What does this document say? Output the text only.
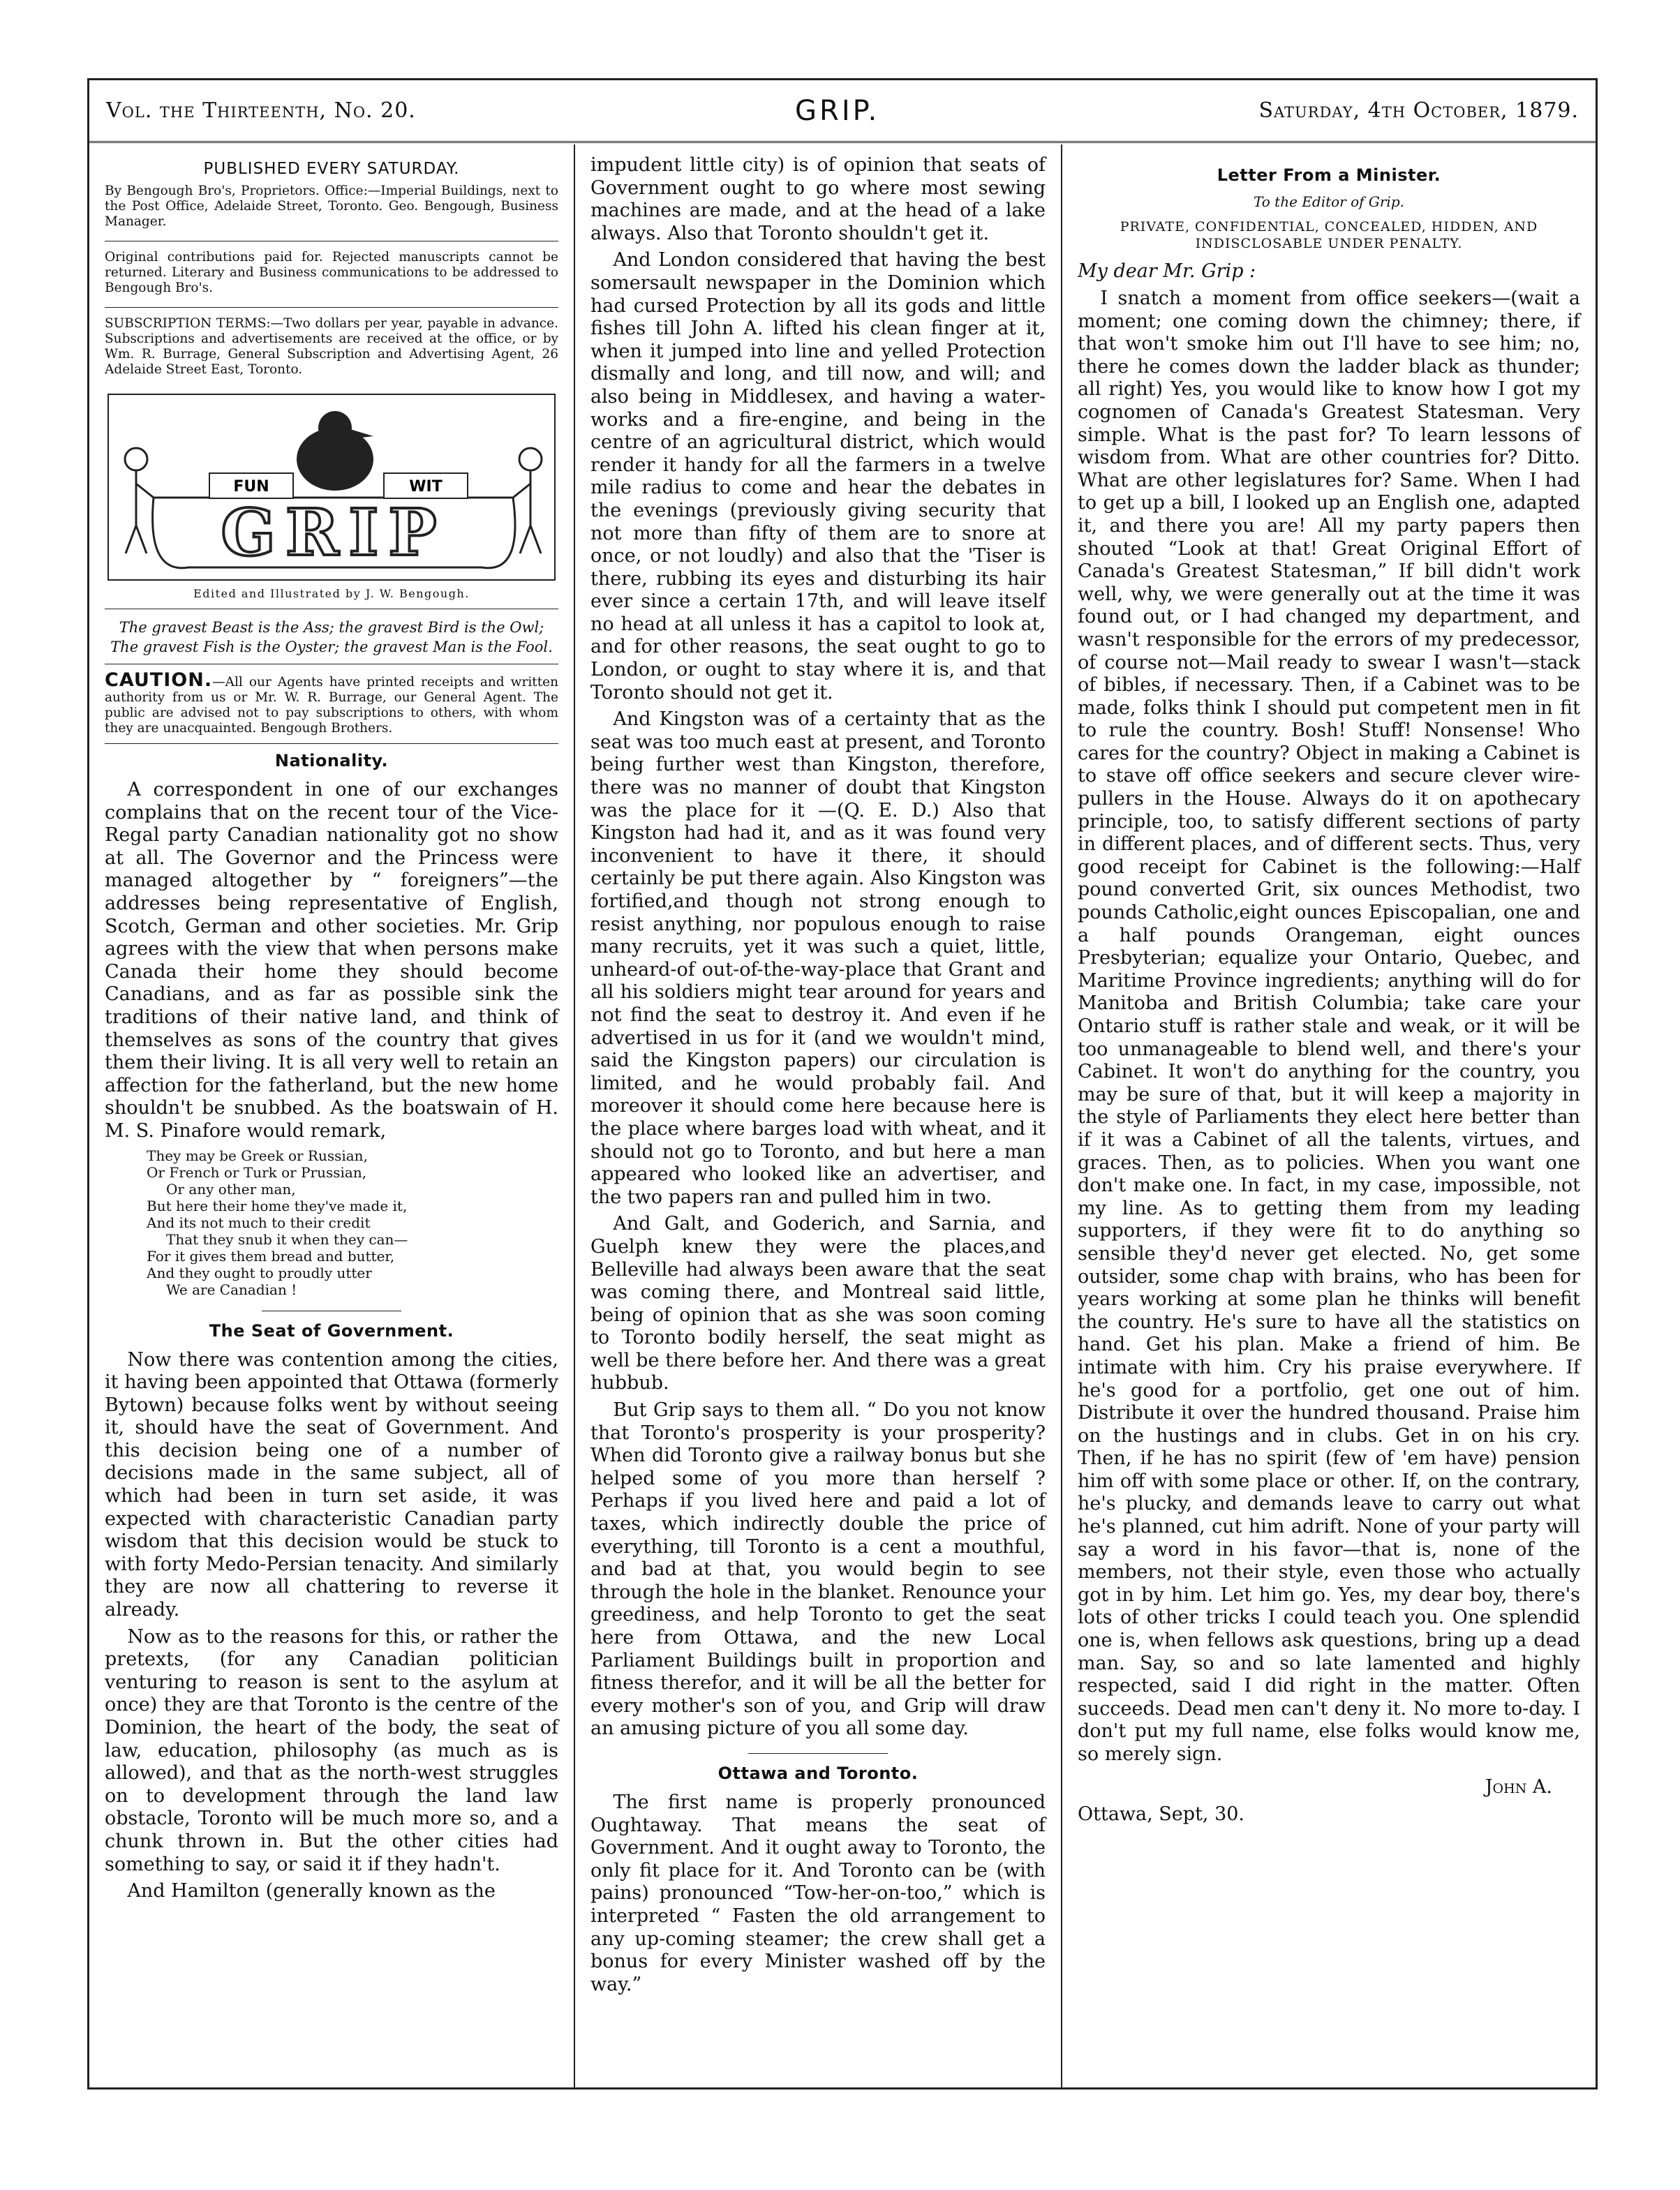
Vol. the Thirteenth, No. 20.	GRIP.	Saturday, 4th October, 1879.
PUBLISHED EVERY SATURDAY.

By Bengough Bro's, Proprietors. Office:—Imperial Buildings, next to the Post Office, Adelaide Street, Toronto. Geo. Bengough, Business Manager.

Original contributions paid for. Rejected manuscripts cannot be returned. Literary and Business communications to be addressed to Bengough Bro's.

SUBSCRIPTION TERMS:—Two dollars per year, payable in advance. Subscriptions and advertisements are received at the office, or by Wm. R. Burrage, General Subscription and Advertising Agent, 26 Adelaide Street East, Toronto.

FUN	WIT
GRIP
Edited and Illustrated by J. W. Bengough.
The gravest Beast is the Ass; the gravest Bird is the Owl;
The gravest Fish is the Oyster; the gravest Man is the Fool.
CAUTION.—All our Agents have printed receipts and written authority from us or Mr. W. R. Burrage, our General Agent. The public are advised not to pay subscriptions to others, with whom they are unacquainted. Bengough Brothers.
Nationality.

A correspondent in one of our exchanges complains that on the recent tour of the Vice-Regal party Canadian nationality got no show at all. The Governor and the Princess were managed altogether by “ foreigners”—the addresses being representative of English, Scotch, German and other societies. Mr. Grip agrees with the view that when persons make Canada their home they should become Canadians, and as far as possible sink the traditions of their native land, and think of themselves as sons of the country that gives them their living. It is all very well to retain an affection for the fatherland, but the new home shouldn't be snubbed. As the boatswain of H. M. S. Pinafore would remark,

They may be Greek or Russian,
Or French or Turk or Prussian,
Or any other man,
But here their home they've made it,
And its not much to their credit
That they snub it when they can—
For it gives them bread and butter,
And they ought to proudly utter
We are Canadian !
The Seat of Government.

Now there was contention among the cities, it having been appointed that Ottawa (formerly Bytown) because folks went by without seeing it, should have the seat of Government. And this decision being one of a number of decisions made in the same subject, all of which had been in turn set aside, it was expected with characteristic Canadian party wisdom that this decision would be stuck to with forty Medo-Persian tenacity. And similarly they are now all chattering to reverse it already.

Now as to the reasons for this, or rather the pretexts, (for any Canadian politician venturing to reason is sent to the asylum at once) they are that Toronto is the centre of the Dominion, the heart of the body, the seat of law, education, philosophy (as much as is allowed), and that as the north-west struggles on to development through the land law obstacle, Toronto will be much more so, and a chunk thrown in. But the other cities had something to say, or said it if they hadn't.

And Hamilton (generally known as the

impudent little city) is of opinion that seats of Government ought to go where most sewing machines are made, and at the head of a lake always. Also that Toronto shouldn't get it.

And London considered that having the best somersault newspaper in the Dominion which had cursed Protection by all its gods and little fishes till John A. lifted his clean finger at it, when it jumped into line and yelled Protection dismally and long, and till now, and will; and also being in Middlesex, and having a water-works and a fire-engine, and being in the centre of an agricultural district, which would render it handy for all the farmers in a twelve mile radius to come and hear the debates in the evenings (previously giving security that not more than fifty of them are to snore at once, or not loudly) and also that the 'Tiser is there, rubbing its eyes and disturbing its hair ever since a certain 17th, and will leave itself no head at all unless it has a capitol to look at, and for other reasons, the seat ought to go to London, or ought to stay where it is, and that Toronto should not get it.

And Kingston was of a certainty that as the seat was too much east at present, and Toronto being further west than Kingston, therefore, there was no manner of doubt that Kingston was the place for it —(Q. E. D.) Also that Kingston had had it, and as it was found very inconvenient to have it there, it should certainly be put there again. Also Kingston was fortified,and though not strong enough to resist anything, nor populous enough to raise many recruits, yet it was such a quiet, little, unheard-of out-of-the-way-place that Grant and all his soldiers might tear around for years and not find the seat to destroy it. And even if he advertised in us for it (and we wouldn't mind, said the Kingston papers) our circulation is limited, and he would probably fail. And moreover it should come here because here is the place where barges load with wheat, and it should not go to Toronto, and but here a man appeared who looked like an advertiser, and the two papers ran and pulled him in two.

And Galt, and Goderich, and Sarnia, and Guelph knew they were the places,and Belleville had always been aware that the seat was coming there, and Montreal said little, being of opinion that as she was soon coming to Toronto bodily herself, the seat might as well be there before her. And there was a great hubbub.

But Grip says to them all. “ Do you not know that Toronto's prosperity is your prosperity? When did Toronto give a railway bonus but she helped some of you more than herself ? Perhaps if you lived here and paid a lot of taxes, which indirectly double the price of everything, till Toronto is a cent a mouthful, and bad at that, you would begin to see through the hole in the blanket. Renounce your greediness, and help Toronto to get the seat here from Ottawa, and the new Local Parliament Buildings built in proportion and fitness therefor, and it will be all the better for every mother's son of you, and Grip will draw an amusing picture of you all some day.

Ottawa and Toronto.

The first name is properly pronounced Oughtaway. That means the seat of Government. And it ought away to Toronto, the only fit place for it. And Toronto can be (with pains) pronounced “Tow-her-on-too,” which is interpreted “ Fasten the old arrangement to any up-coming steamer; the crew shall get a bonus for every Minister washed off by the way.”

Letter From a Minister.
To the Editor of Grip.
PRIVATE, CONFIDENTIAL, CONCEALED, HIDDEN, AND INDISCLOSABLE UNDER PENALTY.
My dear Mr. Grip :

I snatch a moment from office seekers—(wait a moment; one coming down the chimney; there, if that won't smoke him out I'll have to see him; no, there he comes down the ladder black as thunder; all right) Yes, you would like to know how I got my cognomen of Canada's Greatest Statesman. Very simple. What is the past for? To learn lessons of wisdom from. What are other countries for? Ditto. What are other legislatures for? Same. When I had to get up a bill, I looked up an English one, adapted it, and there you are! All my party papers then shouted “Look at that! Great Original Effort of Canada's Greatest Statesman,” If bill didn't work well, why, we were generally out at the time it was found out, or I had changed my department, and wasn't responsible for the errors of my predecessor, of course not—Mail ready to swear I wasn't—stack of bibles, if necessary. Then, if a Cabinet was to be made, folks think I should put competent men in fit to rule the country. Bosh! Stuff! Nonsense! Who cares for the country? Object in making a Cabinet is to stave off office seekers and secure clever wire-pullers in the House. Always do it on apothecary principle, too, to satisfy different sections of party in different places, and of different sects. Thus, very good receipt for Cabinet is the following:—Half pound converted Grit, six ounces Methodist, two pounds Catholic,eight ounces Episcopalian, one and a half pounds Orangeman, eight ounces Presbyterian; equalize your Ontario, Quebec, and Maritime Province ingredients; anything will do for Manitoba and British Columbia; take care your Ontario stuff is rather stale and weak, or it will be too unmanageable to blend well, and there's your Cabinet. It won't do anything for the country, you may be sure of that, but it will keep a majority in the style of Parliaments they elect here better than if it was a Cabinet of all the talents, virtues, and graces. Then, as to policies. When you want one don't make one. In fact, in my case, impossible, not my line. As to getting them from my leading supporters, if they were fit to do anything so sensible they'd never get elected. No, get some outsider, some chap with brains, who has been for years working at some plan he thinks will benefit the country. He's sure to have all the statistics on hand. Get his plan. Make a friend of him. Be intimate with him. Cry his praise everywhere. If he's good for a portfolio, get one out of him. Distribute it over the hundred thousand. Praise him on the hustings and in clubs. Get in on his cry. Then, if he has no spirit (few of 'em have) pension him off with some place or other. If, on the contrary, he's plucky, and demands leave to carry out what he's planned, cut him adrift. None of your party will say a word in his favor—that is, none of the members, not their style, even those who actually got in by him. Let him go. Yes, my dear boy, there's lots of other tricks I could teach you. One splendid one is, when fellows ask questions, bring up a dead man. Say, so and so late lamented and highly respected, said I did right in the matter. Often succeeds. Dead men can't deny it. No more to-day. I don't put my full name, else folks would know me, so merely sign.

John A.
Ottawa, Sept, 30.
